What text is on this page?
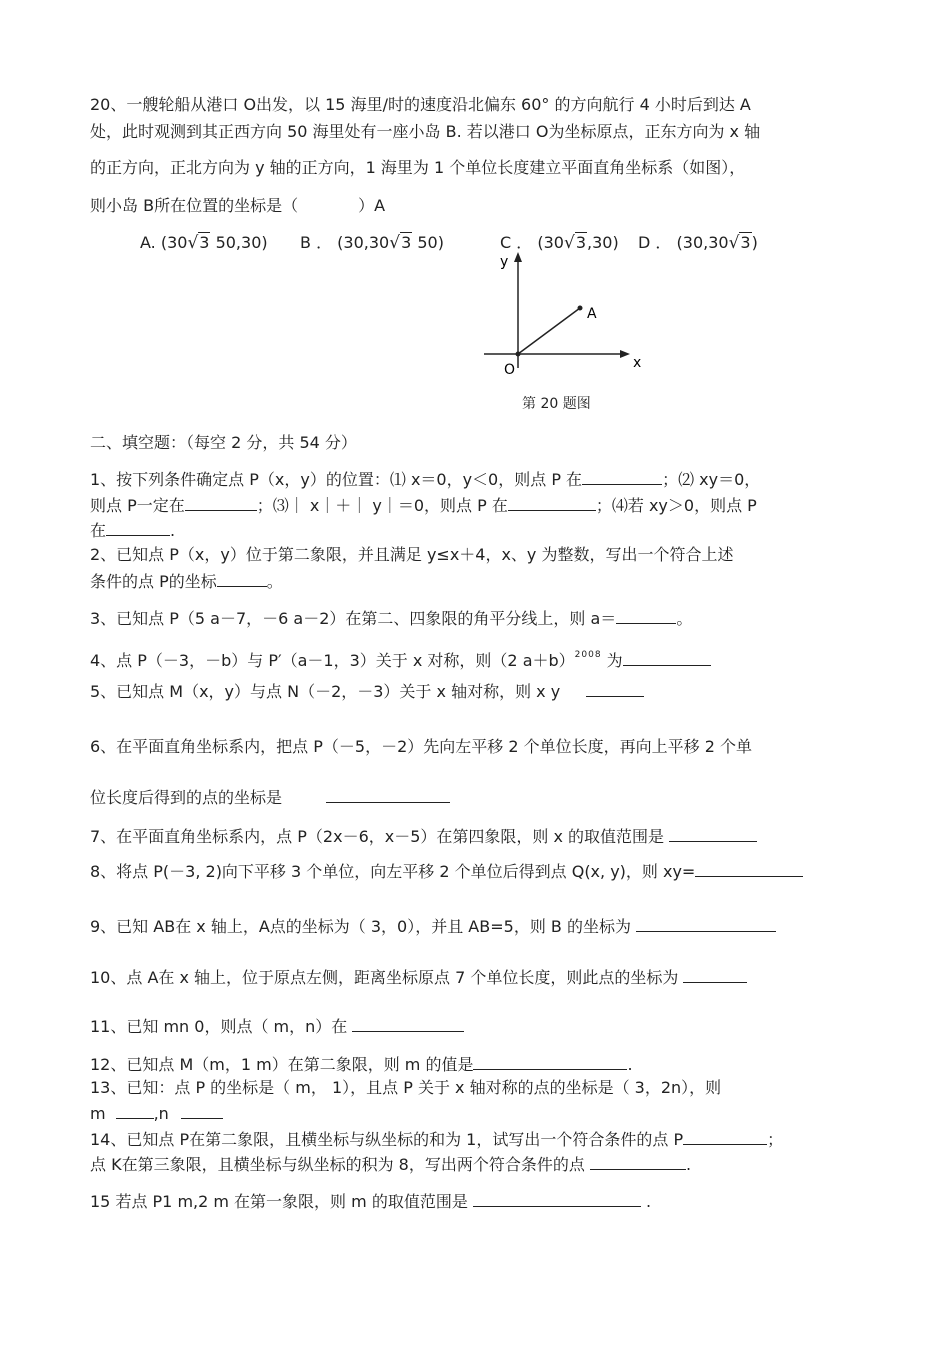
20、一艘轮船从港口 O出发，以 15 海里/时的速度沿北偏东 60° 的方向航行 4 小时后到达 A
处，此时观测到其正西方向 50 海里处有一座小岛 B. 若以港口 O为坐标原点，正东方向为 x 轴
的正方向，正北方向为 y 轴的正方向，1 海里为 1 个单位长度建立平面直角坐标系（如图），
则小岛 B所在位置的坐标是（	）A
A. (30√3 50,30) B ． (30,30√3 50)	C ． (30√3,30) D ． (30,30√3)
y
x
O
A
第 20 题图
二、填空题：（每空 2 分，共 54 分）
1、按下列条件确定点 P（x，y）的位置：⑴ x＝0，y＜0，则点 P 在	；⑵ xy＝0，
则点 P一定在	；⑶｜ x｜＋｜ y｜＝0，则点 P 在	；⑷若 xy＞0，则点 P
在	.
2、已知点 P（x，y）位于第二象限，并且满足 y≤x＋4，x、y 为整数，写出一个符合上述
条件的点 P的坐标	。
3、已知点 P（5 a－7，－6 a－2）在第二、四象限的角平分线上，则 a＝	。
4、点 P（－3，－b）与 P′（a－1，3）关于 x 对称，则（2 a＋b）$^{2008}$ 为
5、已知点 M（x，y）与点 N（－2，－3）关于 x 轴对称，则 x y
6、在平面直角坐标系内，把点 P（－5，－2）先向左平移 2 个单位长度，再向上平移 2 个单
位长度后得到的点的坐标是
7、在平面直角坐标系内，点 P（2x－6，x－5）在第四象限，则 x 的取值范围是
8、将点 P(－3, 2)向下平移 3 个单位，向左平移 2 个单位后得到点 Q(x, y)，则 xy=
9、已知 AB在 x 轴上，A点的坐标为（ 3，0），并且 AB=5，则 B 的坐标为
10、点 A在 x 轴上，位于原点左侧，距离坐标原点 7 个单位长度，则此点的坐标为
11、已知 mn 0，则点（ m，n）在
12、已知点 M（m，1 m）在第二象限，则 m 的值是	.
13、已知：点 P 的坐标是（ m， 1），且点 P 关于 x 轴对称的点的坐标是（ 3，2n），则
m	,n
14、已知点 P在第二象限，且横坐标与纵坐标的和为 1，试写出一个符合条件的点 P	；
点 K在第三象限，且横坐标与纵坐标的积为 8，写出两个符合条件的点	.
15 若点 P1 m,2 m 在第一象限，则 m 的取值范围是	.
